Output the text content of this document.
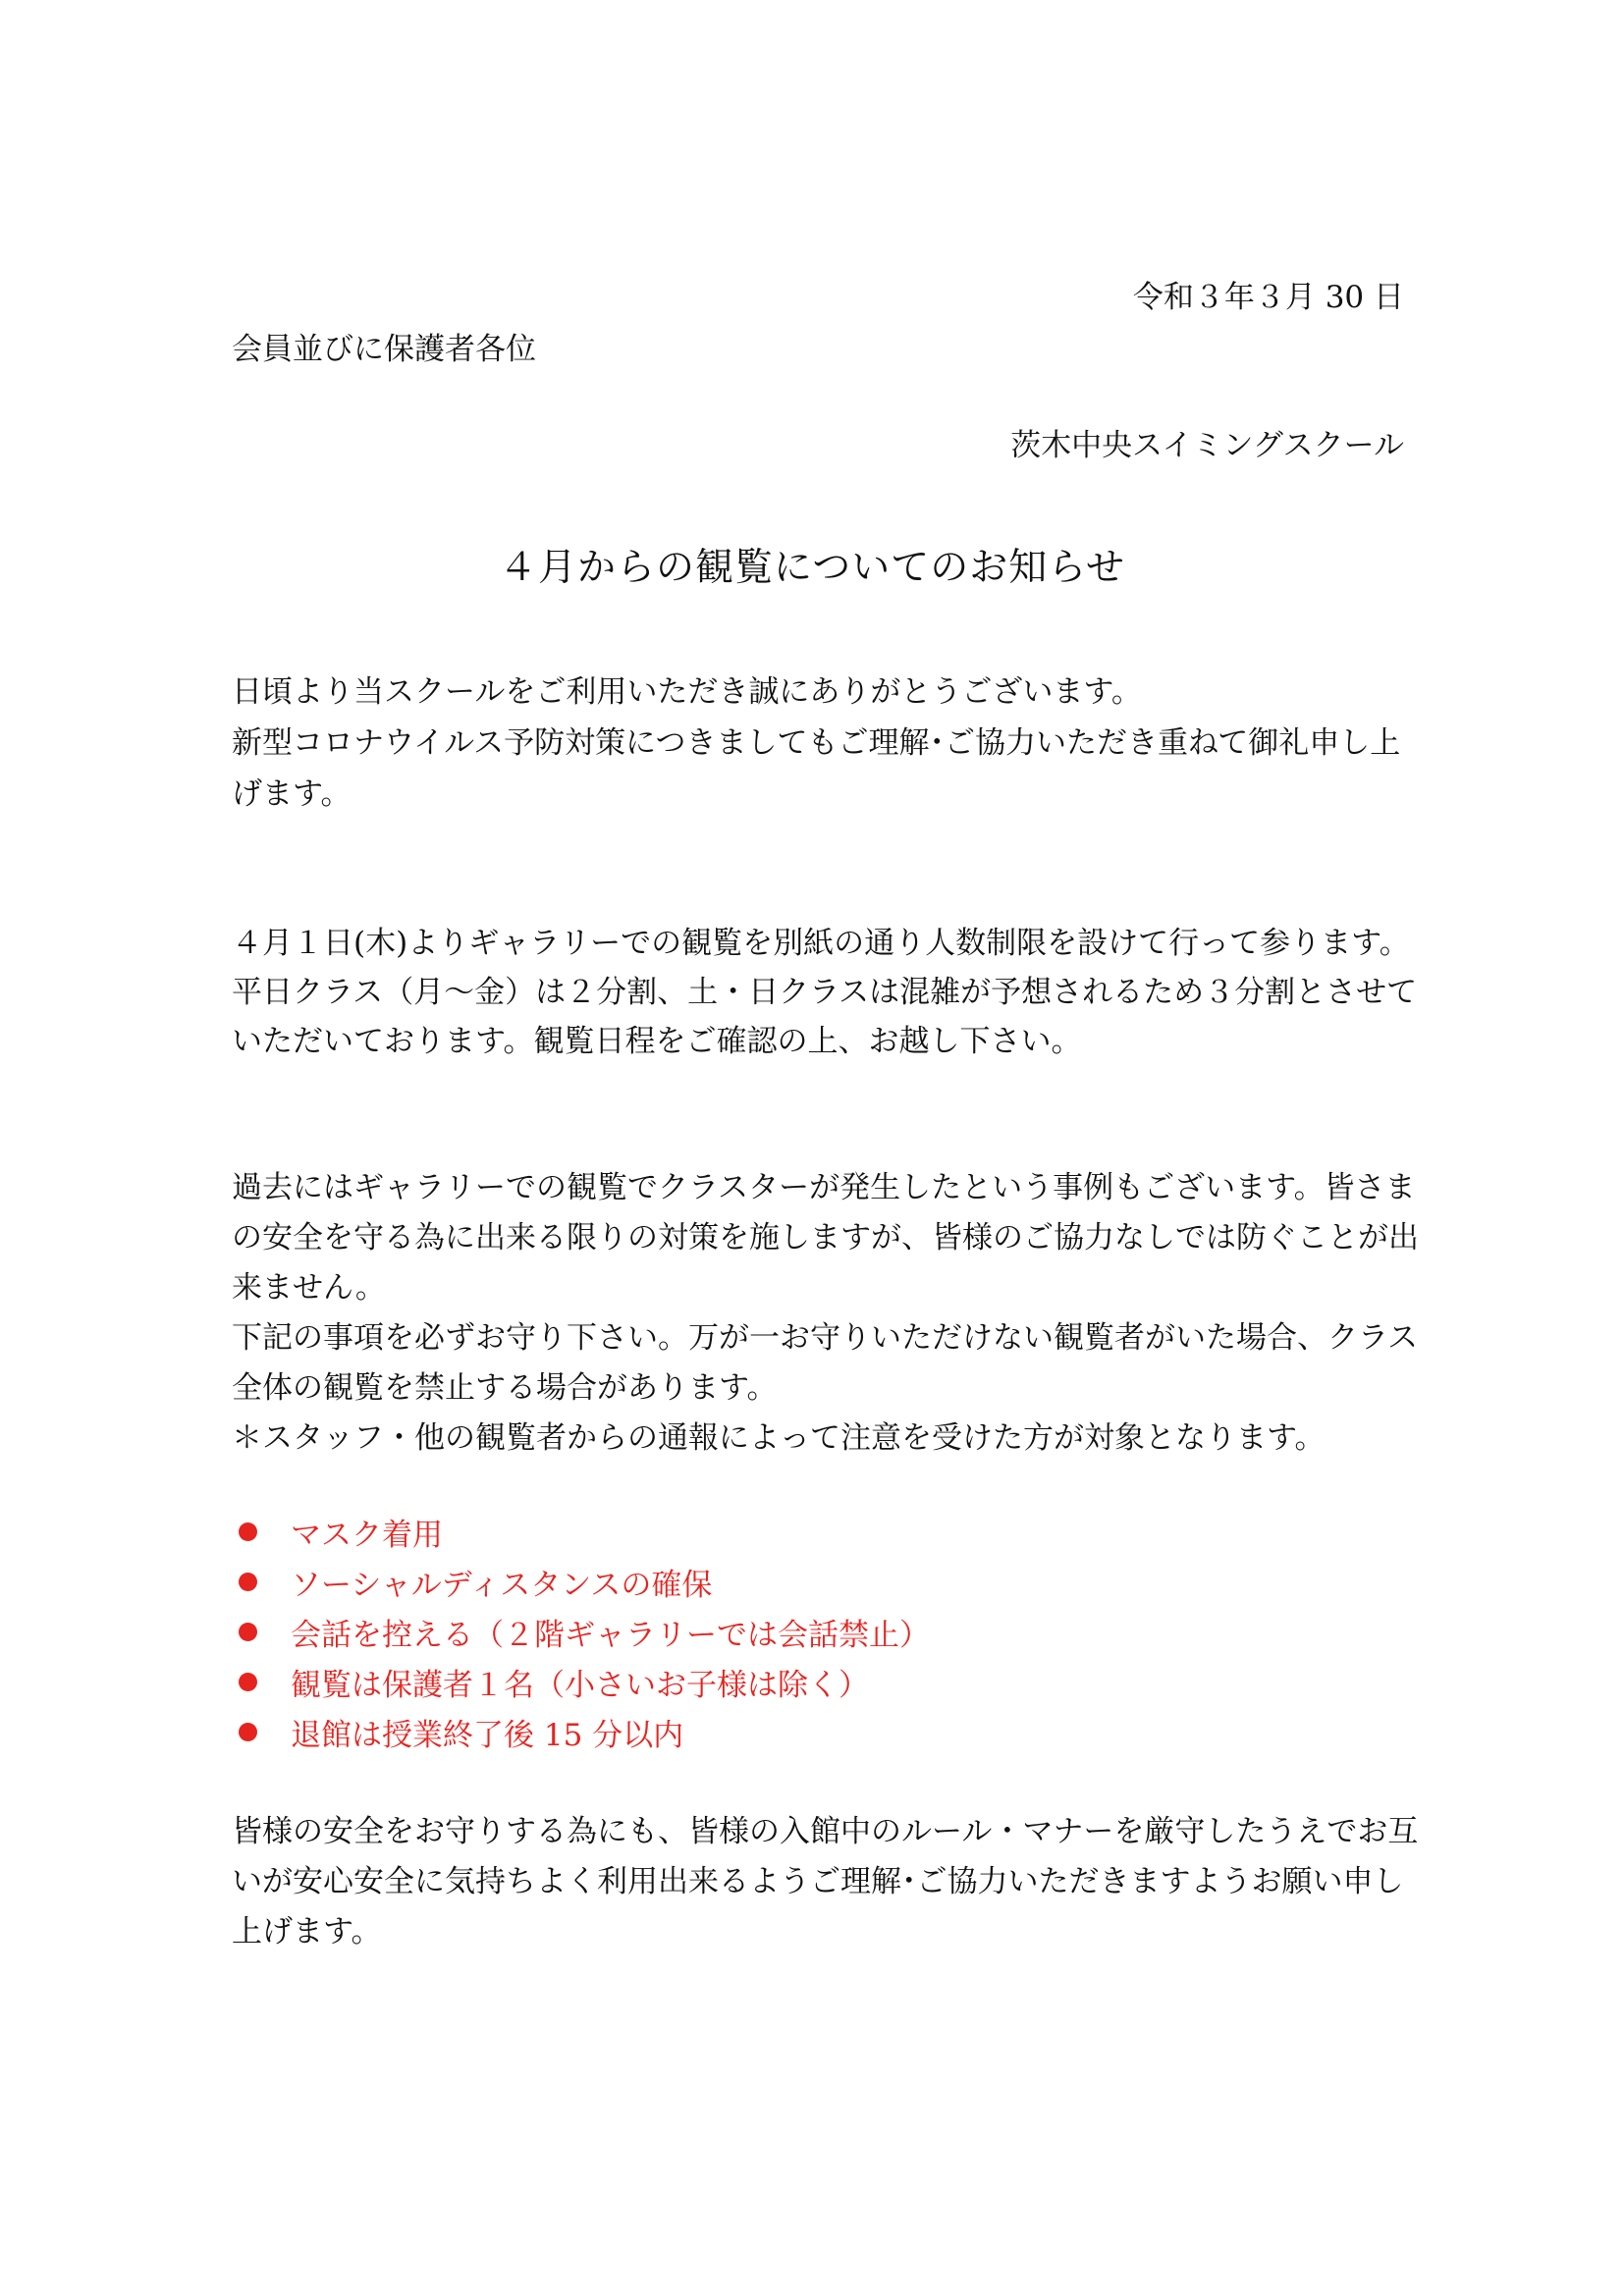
令和３年３月 30 日
会員並びに保護者各位
茨木中央スイミングスクール
４月からの観覧についてのお知らせ
日頃より当スクールをご利用いただき誠にありがとうございます。
新型コロナウイルス予防対策につきましてもご理解･ご協力いただき重ねて御礼申し上
げます。
４月１日(木)よりギャラリーでの観覧を別紙の通り人数制限を設けて行って参ります。
平日クラス（月～金）は２分割、土・日クラスは混雑が予想されるため３分割とさせて
いただいております。観覧日程をご確認の上、お越し下さい。
過去にはギャラリーでの観覧でクラスターが発生したという事例もございます。皆さま
の安全を守る為に出来る限りの対策を施しますが、皆様のご協力なしでは防ぐことが出
来ません。
下記の事項を必ずお守り下さい。万が一お守りいただけない観覧者がいた場合、クラス
全体の観覧を禁止する場合があります。
＊スタッフ・他の観覧者からの通報によって注意を受けた方が対象となります。
マスク着用
ソーシャルディスタンスの確保
会話を控える（２階ギャラリーでは会話禁止）
観覧は保護者１名（小さいお子様は除く）
退館は授業終了後 15 分以内
皆様の安全をお守りする為にも、皆様の入館中のルール・マナーを厳守したうえでお互
いが安心安全に気持ちよく利用出来るようご理解･ご協力いただきますようお願い申し
上げます。
